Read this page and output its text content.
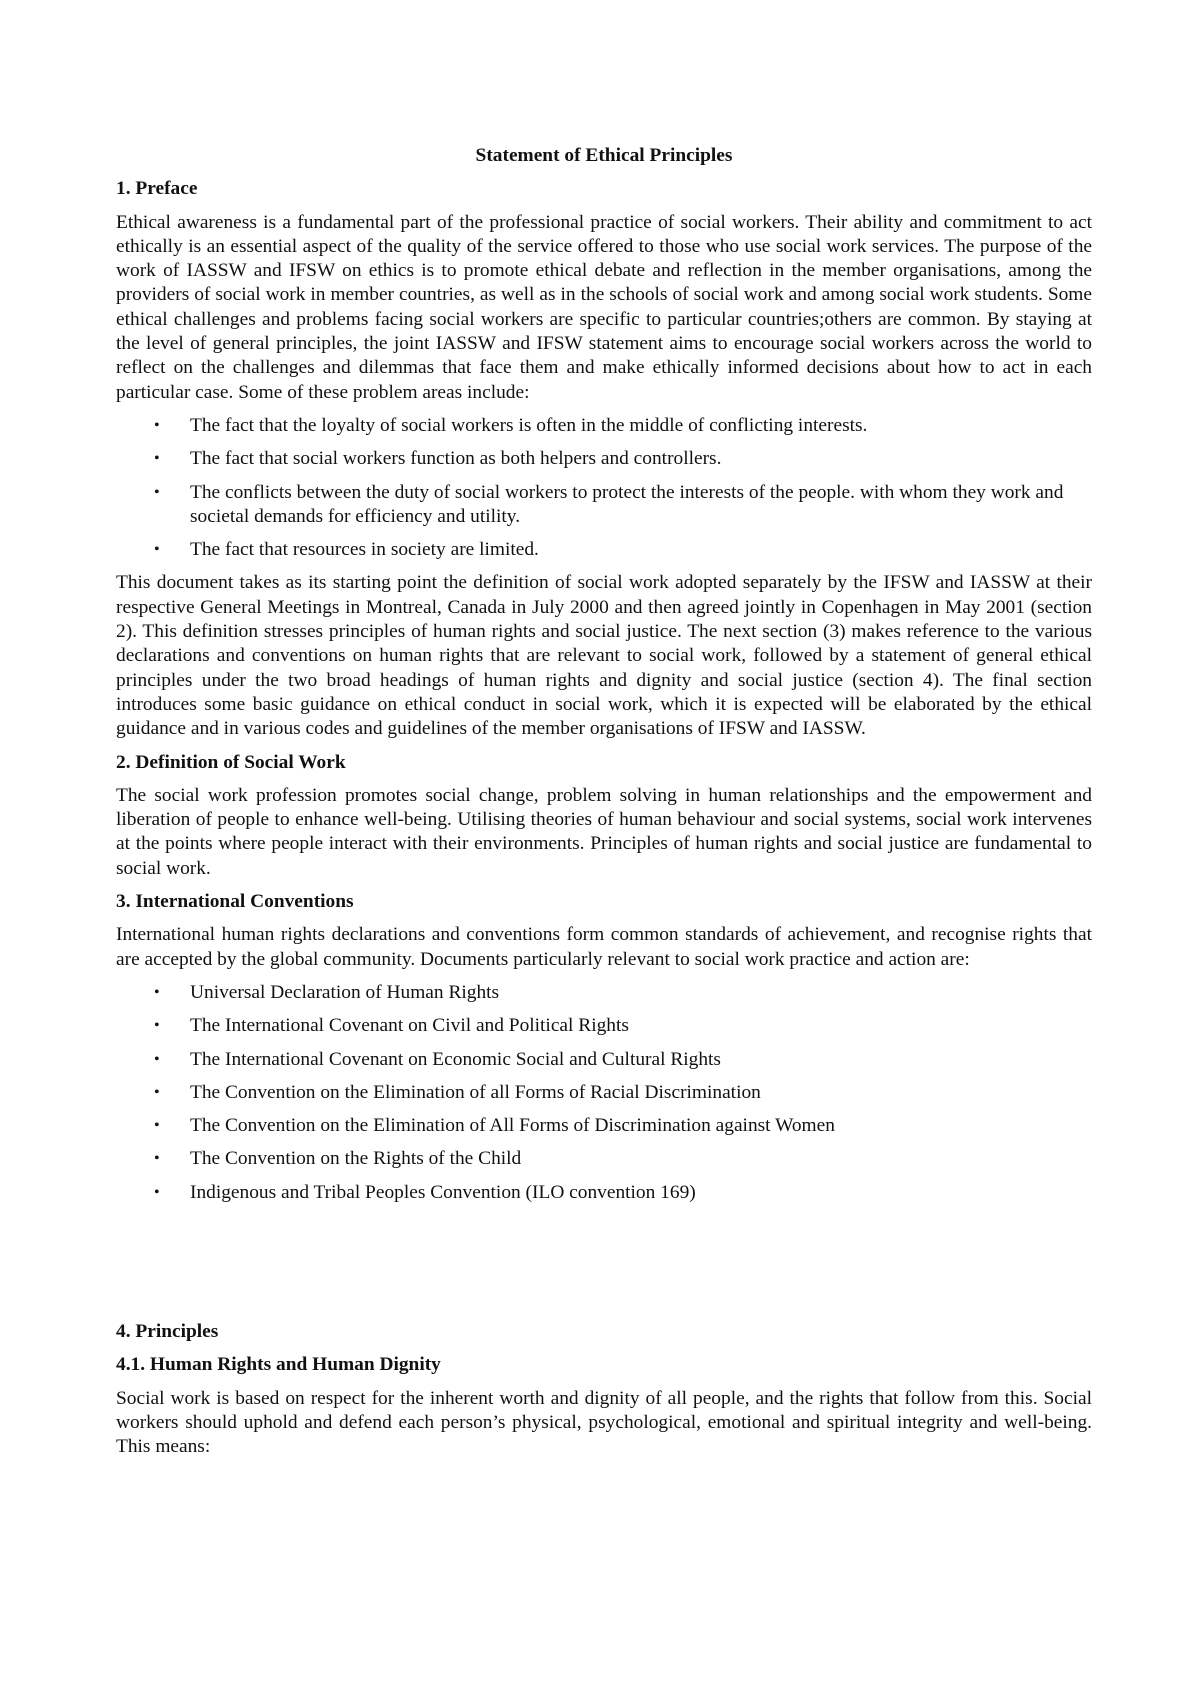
Statement of Ethical Principles
1. Preface

Ethical awareness is a fundamental part of the professional practice of social workers. Their ability and commitment to act ethically is an essential aspect of the quality of the service offered to those who use social work services. The purpose of the work of IASSW and IFSW on ethics is to promote ethical debate and reflection in the member organisations, among the providers of social work in member countries, as well as in the schools of social work and among social work students. Some ethical challenges and problems facing social workers are specific to particular countries;others are common. By staying at the level of general principles, the joint IASSW and IFSW statement aims to encourage social workers across the world to reflect on the challenges and dilemmas that face them and make ethically informed decisions about how to act in each particular case. Some of these problem areas include:

• The fact that the loyalty of social workers is often in the middle of conflicting interests.
• The fact that social workers function as both helpers and controllers.
• The conflicts between the duty of social workers to protect the interests of the people. with whom they work and societal demands for efficiency and utility.
• The fact that resources in society are limited.

This document takes as its starting point the definition of social work adopted separately by the IFSW and IASSW at their respective General Meetings in Montreal, Canada in July 2000 and then agreed jointly in Copenhagen in May 2001 (section 2). This definition stresses principles of human rights and social justice. The next section (3) makes reference to the various declarations and conventions on human rights that are relevant to social work, followed by a statement of general ethical principles under the two broad headings of human rights and dignity and social justice (section 4). The final section introduces some basic guidance on ethical conduct in social work, which it is expected will be elaborated by the ethical guidance and in various codes and guidelines of the member organisations of IFSW and IASSW.

2. Definition of Social Work

The social work profession promotes social change, problem solving in human relationships and the empowerment and liberation of people to enhance well-being. Utilising theories of human behaviour and social systems, social work intervenes at the points where people interact with their environments. Principles of human rights and social justice are fundamental to social work.

3. International Conventions

International human rights declarations and conventions form common standards of achievement, and recognise rights that are accepted by the global community. Documents particularly relevant to social work practice and action are:

• Universal Declaration of Human Rights
• The International Covenant on Civil and Political Rights
• The International Covenant on Economic Social and Cultural Rights
• The Convention on the Elimination of all Forms of Racial Discrimination
• The Convention on the Elimination of All Forms of Discrimination against Women
• The Convention on the Rights of the Child
• Indigenous and Tribal Peoples Convention (ILO convention 169)
4. Principles
4.1. Human Rights and Human Dignity

Social work is based on respect for the inherent worth and dignity of all people, and the rights that follow from this. Social workers should uphold and defend each person’s physical, psychological, emotional and spiritual integrity and well-being. This means:
